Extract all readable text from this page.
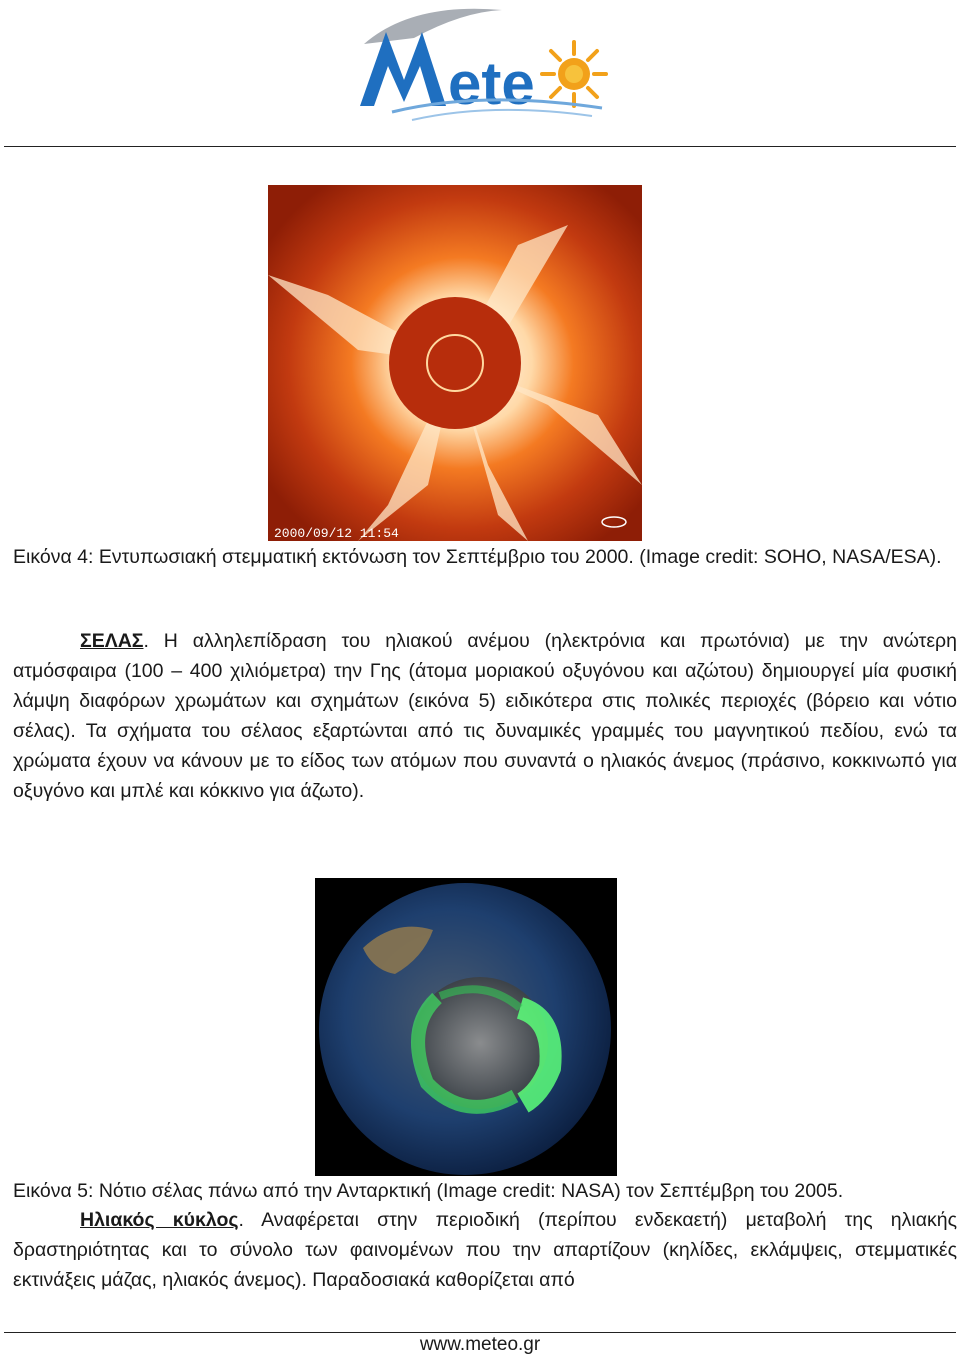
ete
2000/09/12 11:54
Εικόνα 4: Εντυπωσιακή στεμματική εκτόνωση τον Σεπτέμβριο του 2000. (Image credit: SOHO, NASA/ESA).
ΣΕΛΑΣ. Η αλληλεπίδραση του ηλιακού ανέμου (ηλεκτρόνια και πρωτόνια) με την ανώτερη ατμόσφαιρα (100 – 400 χιλιόμετρα) την Γης (άτομα μοριακού οξυγόνου και αζώτου) δημιουργεί μία φυσική λάμψη διαφόρων χρωμάτων και σχημάτων (εικόνα 5) ειδικότερα στις πολικές περιοχές (βόρειο και νότιο σέλας). Τα σχήματα του σέλαος εξαρτώνται από τις δυναμικές γραμμές του μαγνητικού πεδίου, ενώ τα χρώματα έχουν να κάνουν με το είδος των ατόμων που συναντά ο ηλιακός άνεμος (πράσινο, κοκκινωπό για οξυγόνο και μπλέ και κόκκινο για άζωτο).
Εικόνα 5: Νότιο σέλας πάνω από την Ανταρκτική (Image credit: NASA) τον Σεπτέμβρη του 2005.
Ηλιακός κύκλος. Αναφέρεται στην περιοδική (περίπου ενδεκαετή) μεταβολή της ηλιακής δραστηριότητας και το σύνολο των φαινομένων που την απαρτίζουν (κηλίδες, εκλάμψεις, στεμματικές εκτινάξεις μάζας, ηλιακός άνεμος). Παραδοσιακά καθορίζεται από
www.meteo.gr
